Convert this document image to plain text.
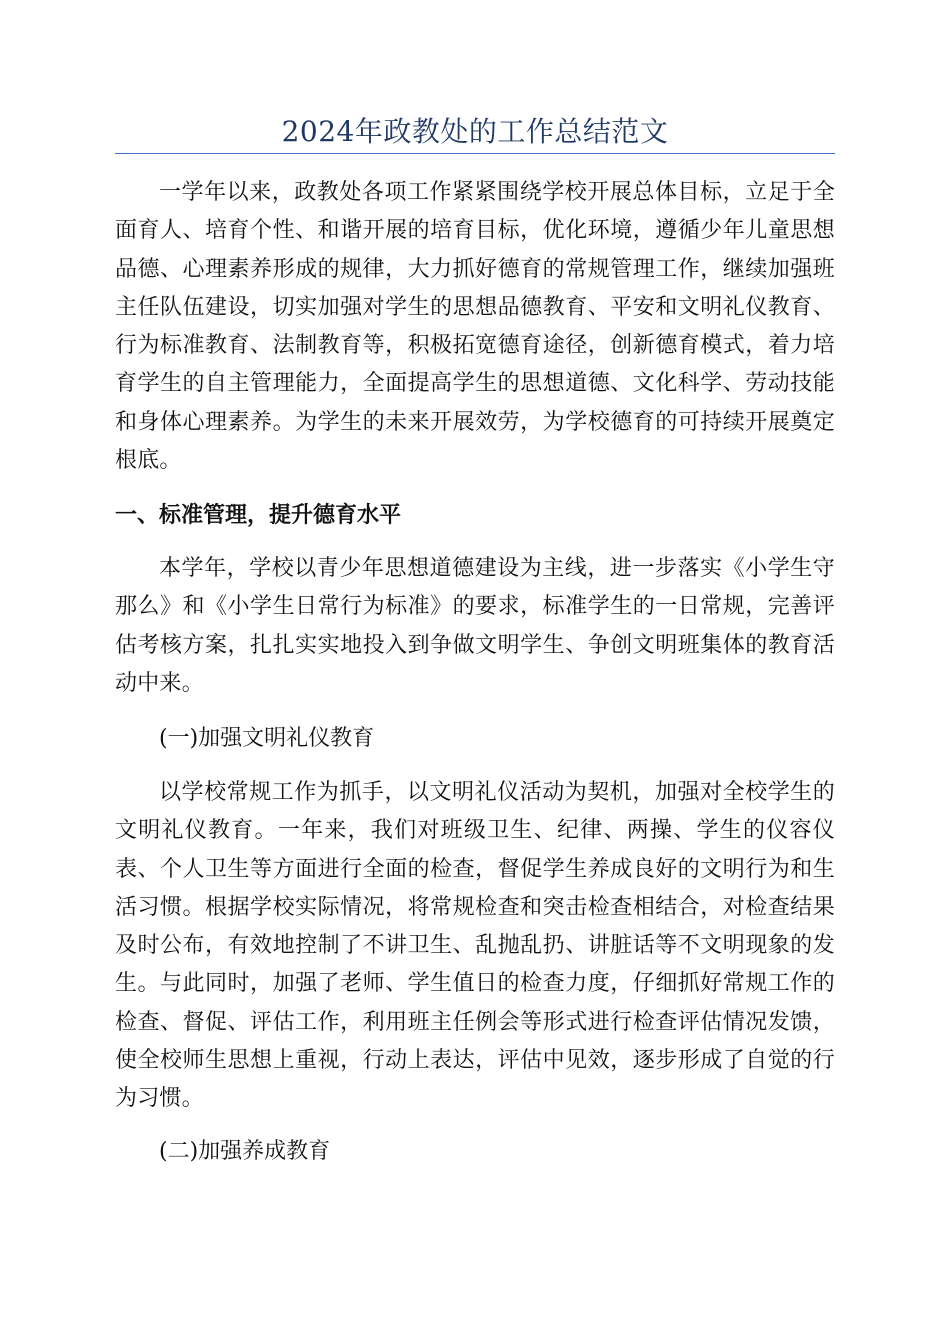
2024年政教处的工作总结范文

一学年以来，政教处各项工作紧紧围绕学校开展总体目标，立足于全面育人、培育个性、和谐开展的培育目标，优化环境，遵循少年儿童思想品德、心理素养形成的规律，大力抓好德育的常规管理工作，继续加强班主任队伍建设，切实加强对学生的思想品德教育、平安和文明礼仪教育、行为标准教育、法制教育等，积极拓宽德育途径，创新德育模式，着力培育学生的自主管理能力，全面提高学生的思想道德、文化科学、劳动技能和身体心理素养。为学生的未来开展效劳，为学校德育的可持续开展奠定根底。

一、标准管理，提升德育水平

本学年，学校以青少年思想道德建设为主线，进一步落实《小学生守那么》和《小学生日常行为标准》的要求，标准学生的一日常规，完善评估考核方案，扎扎实实地投入到争做文明学生、争创文明班集体的教育活动中来。

(一)加强文明礼仪教育

以学校常规工作为抓手，以文明礼仪活动为契机，加强对全校学生的文明礼仪教育。一年来，我们对班级卫生、纪律、两操、学生的仪容仪表、个人卫生等方面进行全面的检查，督促学生养成良好的文明行为和生活习惯。根据学校实际情况，将常规检查和突击检查相结合，对检查结果及时公布，有效地控制了不讲卫生、乱抛乱扔、讲脏话等不文明现象的发生。与此同时，加强了老师、学生值日的检查力度，仔细抓好常规工作的检查、督促、评估工作，利用班主任例会等形式进行检查评估情况发馈，使全校师生思想上重视，行动上表达，评估中见效，逐步形成了自觉的行为习惯。

(二)加强养成教育
